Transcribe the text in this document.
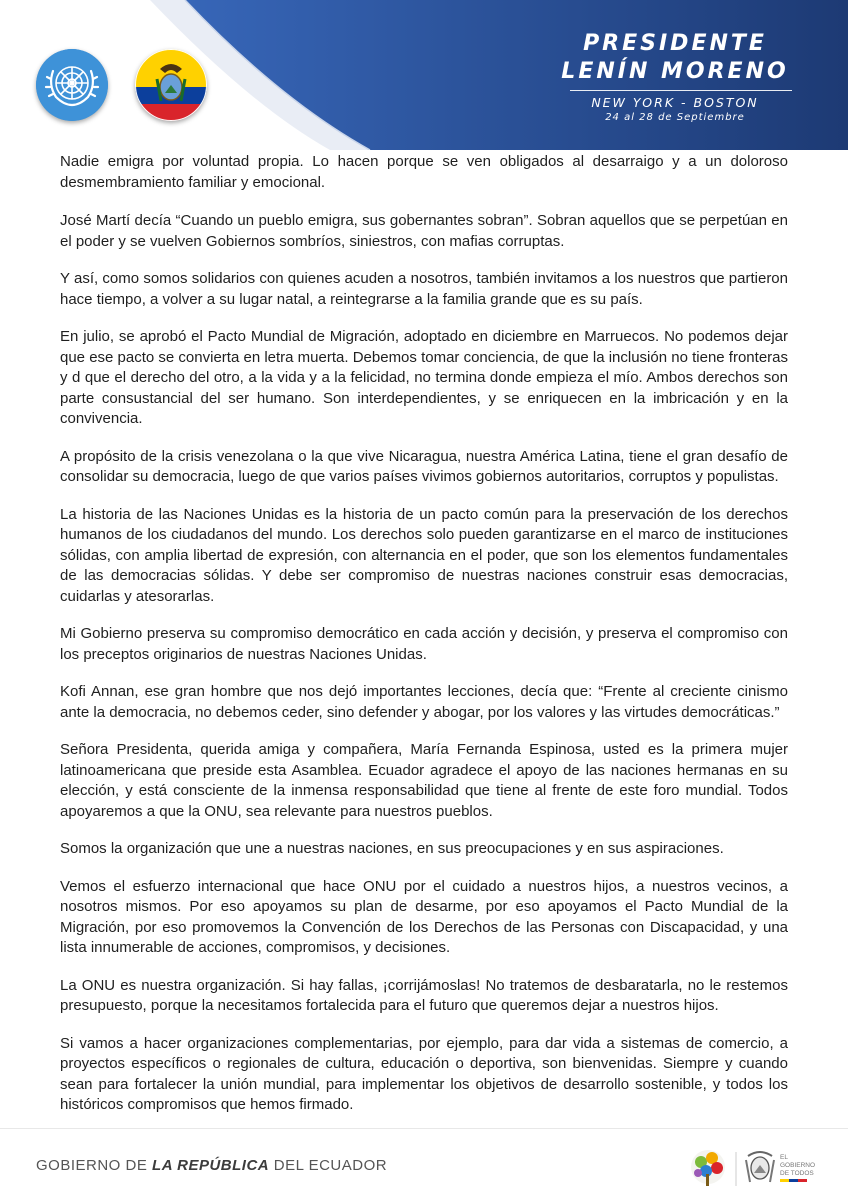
PRESIDENTE
LENÍN MORENO
NEW YORK - BOSTON
24 al 28 de Septiembre

Nadie emigra por voluntad propia. Lo hacen porque se ven obligados al desarraigo y a un doloroso desmembramiento familiar y emocional.

José Martí decía “Cuando un pueblo emigra, sus gobernantes sobran”. Sobran aquellos que se perpetúan en el poder y se vuelven Gobiernos sombríos, siniestros, con mafias corruptas.

Y así, como somos solidarios con quienes acuden a nosotros, también invitamos a los nuestros que partieron hace tiempo, a volver a su lugar natal, a reintegrarse a la familia grande que es su país.

En julio, se aprobó el Pacto Mundial de Migración, adoptado en diciembre en Marruecos. No podemos dejar que ese pacto se convierta en letra muerta. Debemos tomar conciencia, de que la inclusión no tiene fronteras y d que el derecho del otro, a la vida y a la felicidad, no termina donde empieza el mío. Ambos derechos son parte consustancial del ser humano. Son interdependientes, y se enriquecen en la imbricación y en la convivencia.

A propósito de la crisis venezolana o la que vive Nicaragua, nuestra América Latina, tiene el gran desafío de consolidar su democracia, luego de que varios países vivimos gobiernos autoritarios, corruptos y populistas.

La historia de las Naciones Unidas es la historia de un pacto común para la preservación de los derechos humanos de los ciudadanos del mundo. Los derechos solo pueden garantizarse en el marco de instituciones sólidas, con amplia libertad de expresión, con alternancia en el poder, que son los elementos fundamentales de las democracias sólidas. Y debe ser compromiso de nuestras naciones construir esas democracias, cuidarlas y atesorarlas.

Mi Gobierno preserva su compromiso democrático en cada acción y decisión, y preserva el compromiso con los preceptos originarios de nuestras Naciones Unidas.

Kofi Annan, ese gran hombre que nos dejó importantes lecciones, decía que: “Frente al creciente cinismo ante la democracia, no debemos ceder, sino defender y abogar, por los valores y las virtudes democráticas.”

Señora Presidenta, querida amiga y compañera, María Fernanda Espinosa, usted es la primera mujer latinoamericana que preside esta Asamblea. Ecuador agradece el apoyo de las naciones hermanas en su elección, y está consciente de la inmensa responsabilidad que tiene al frente de este foro mundial. Todos apoyaremos a que la ONU, sea relevante para nuestros pueblos.

Somos la organización que une a nuestras naciones, en sus preocupaciones y en sus aspiraciones.

Vemos el esfuerzo internacional que hace ONU por el cuidado a nuestros hijos, a nuestros vecinos, a nosotros mismos. Por eso apoyamos su plan de desarme, por eso apoyamos el Pacto Mundial de la Migración, por eso promovemos la Convención de los Derechos de las Personas con Discapacidad, y una lista innumerable de acciones, compromisos, y decisiones.

La ONU es nuestra organización. Si hay fallas, ¡corrijámoslas! No tratemos de desbaratarla, no le restemos presupuesto, porque la necesitamos fortalecida para el futuro que queremos dejar a nuestros hijos.

Si vamos a hacer organizaciones complementarias, por ejemplo, para dar vida a sistemas de comercio, a proyectos específicos o regionales de cultura, educación o deportiva, son bienvenidas. Siempre y cuando sean para fortalecer la unión mundial, para implementar los objetivos de desarrollo sostenible, y todos los históricos compromisos que hemos firmado.

GOBIERNO DE LA REPÚBLICA DEL ECUADOR	EL
GOBIERNO
DE TODOS
